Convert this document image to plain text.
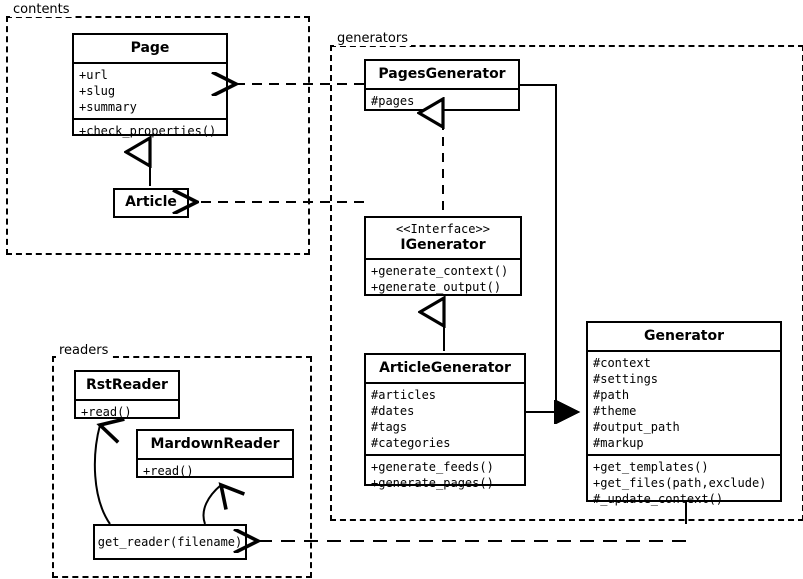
contents
generators
readers
Page
+url
+slug
+summary
+check_properties()
Article
PagesGenerator
#pages
<<Interface>>
IGenerator
+generate_context()
+generate_output()
ArticleGenerator
#articles
#dates
#tags
#categories
+generate_feeds()
+generate_pages()
Generator
#context
#settings
#path
#theme
#output_path
#markup
+get_templates()
+get_files(path,exclude)
#_update_context()
RstReader
+read()
MardownReader
+read()
get_reader(filename)
